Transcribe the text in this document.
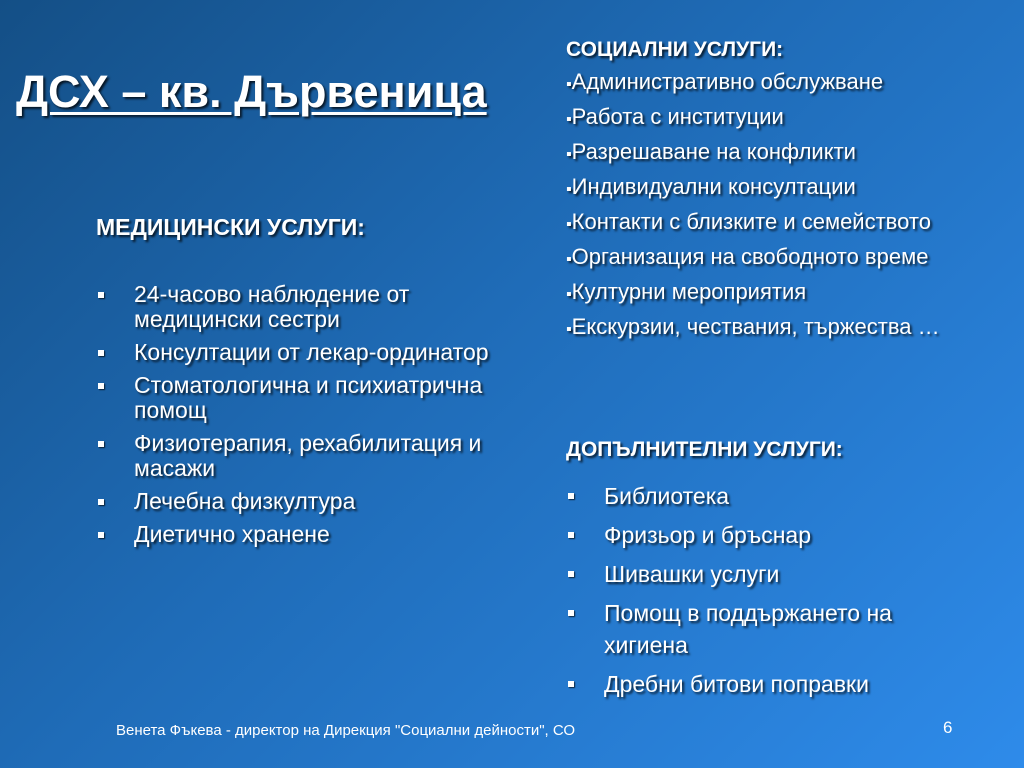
ДСХ – кв. Дървеница
МЕДИЦИНСКИ УСЛУГИ:
24-часово наблюдение от медицински сестри
Консултации от лекар-ординатор
Стоматологична и психиатрична помощ
Физиотерапия, рехабилитация и масажи
Лечебна физкултура
Диетично хранене
СОЦИАЛНИ УСЛУГИ:
▪Административно обслужване
▪Работа с институции
▪Разрешаване на конфликти
▪Индивидуални консултации
▪Контакти с близките и семейството
▪Организация на свободното време
▪Културни мероприятия
▪Екскурзии, чествания, тържества …
ДОПЪЛНИТЕЛНИ УСЛУГИ:
Библиотека
Фризьор и бръснар
Шивашки услуги
Помощ в поддържането на хигиена
Дребни битови поправки
Венета Фъкева - директор на Дирекция "Социални дейности", СО	6
